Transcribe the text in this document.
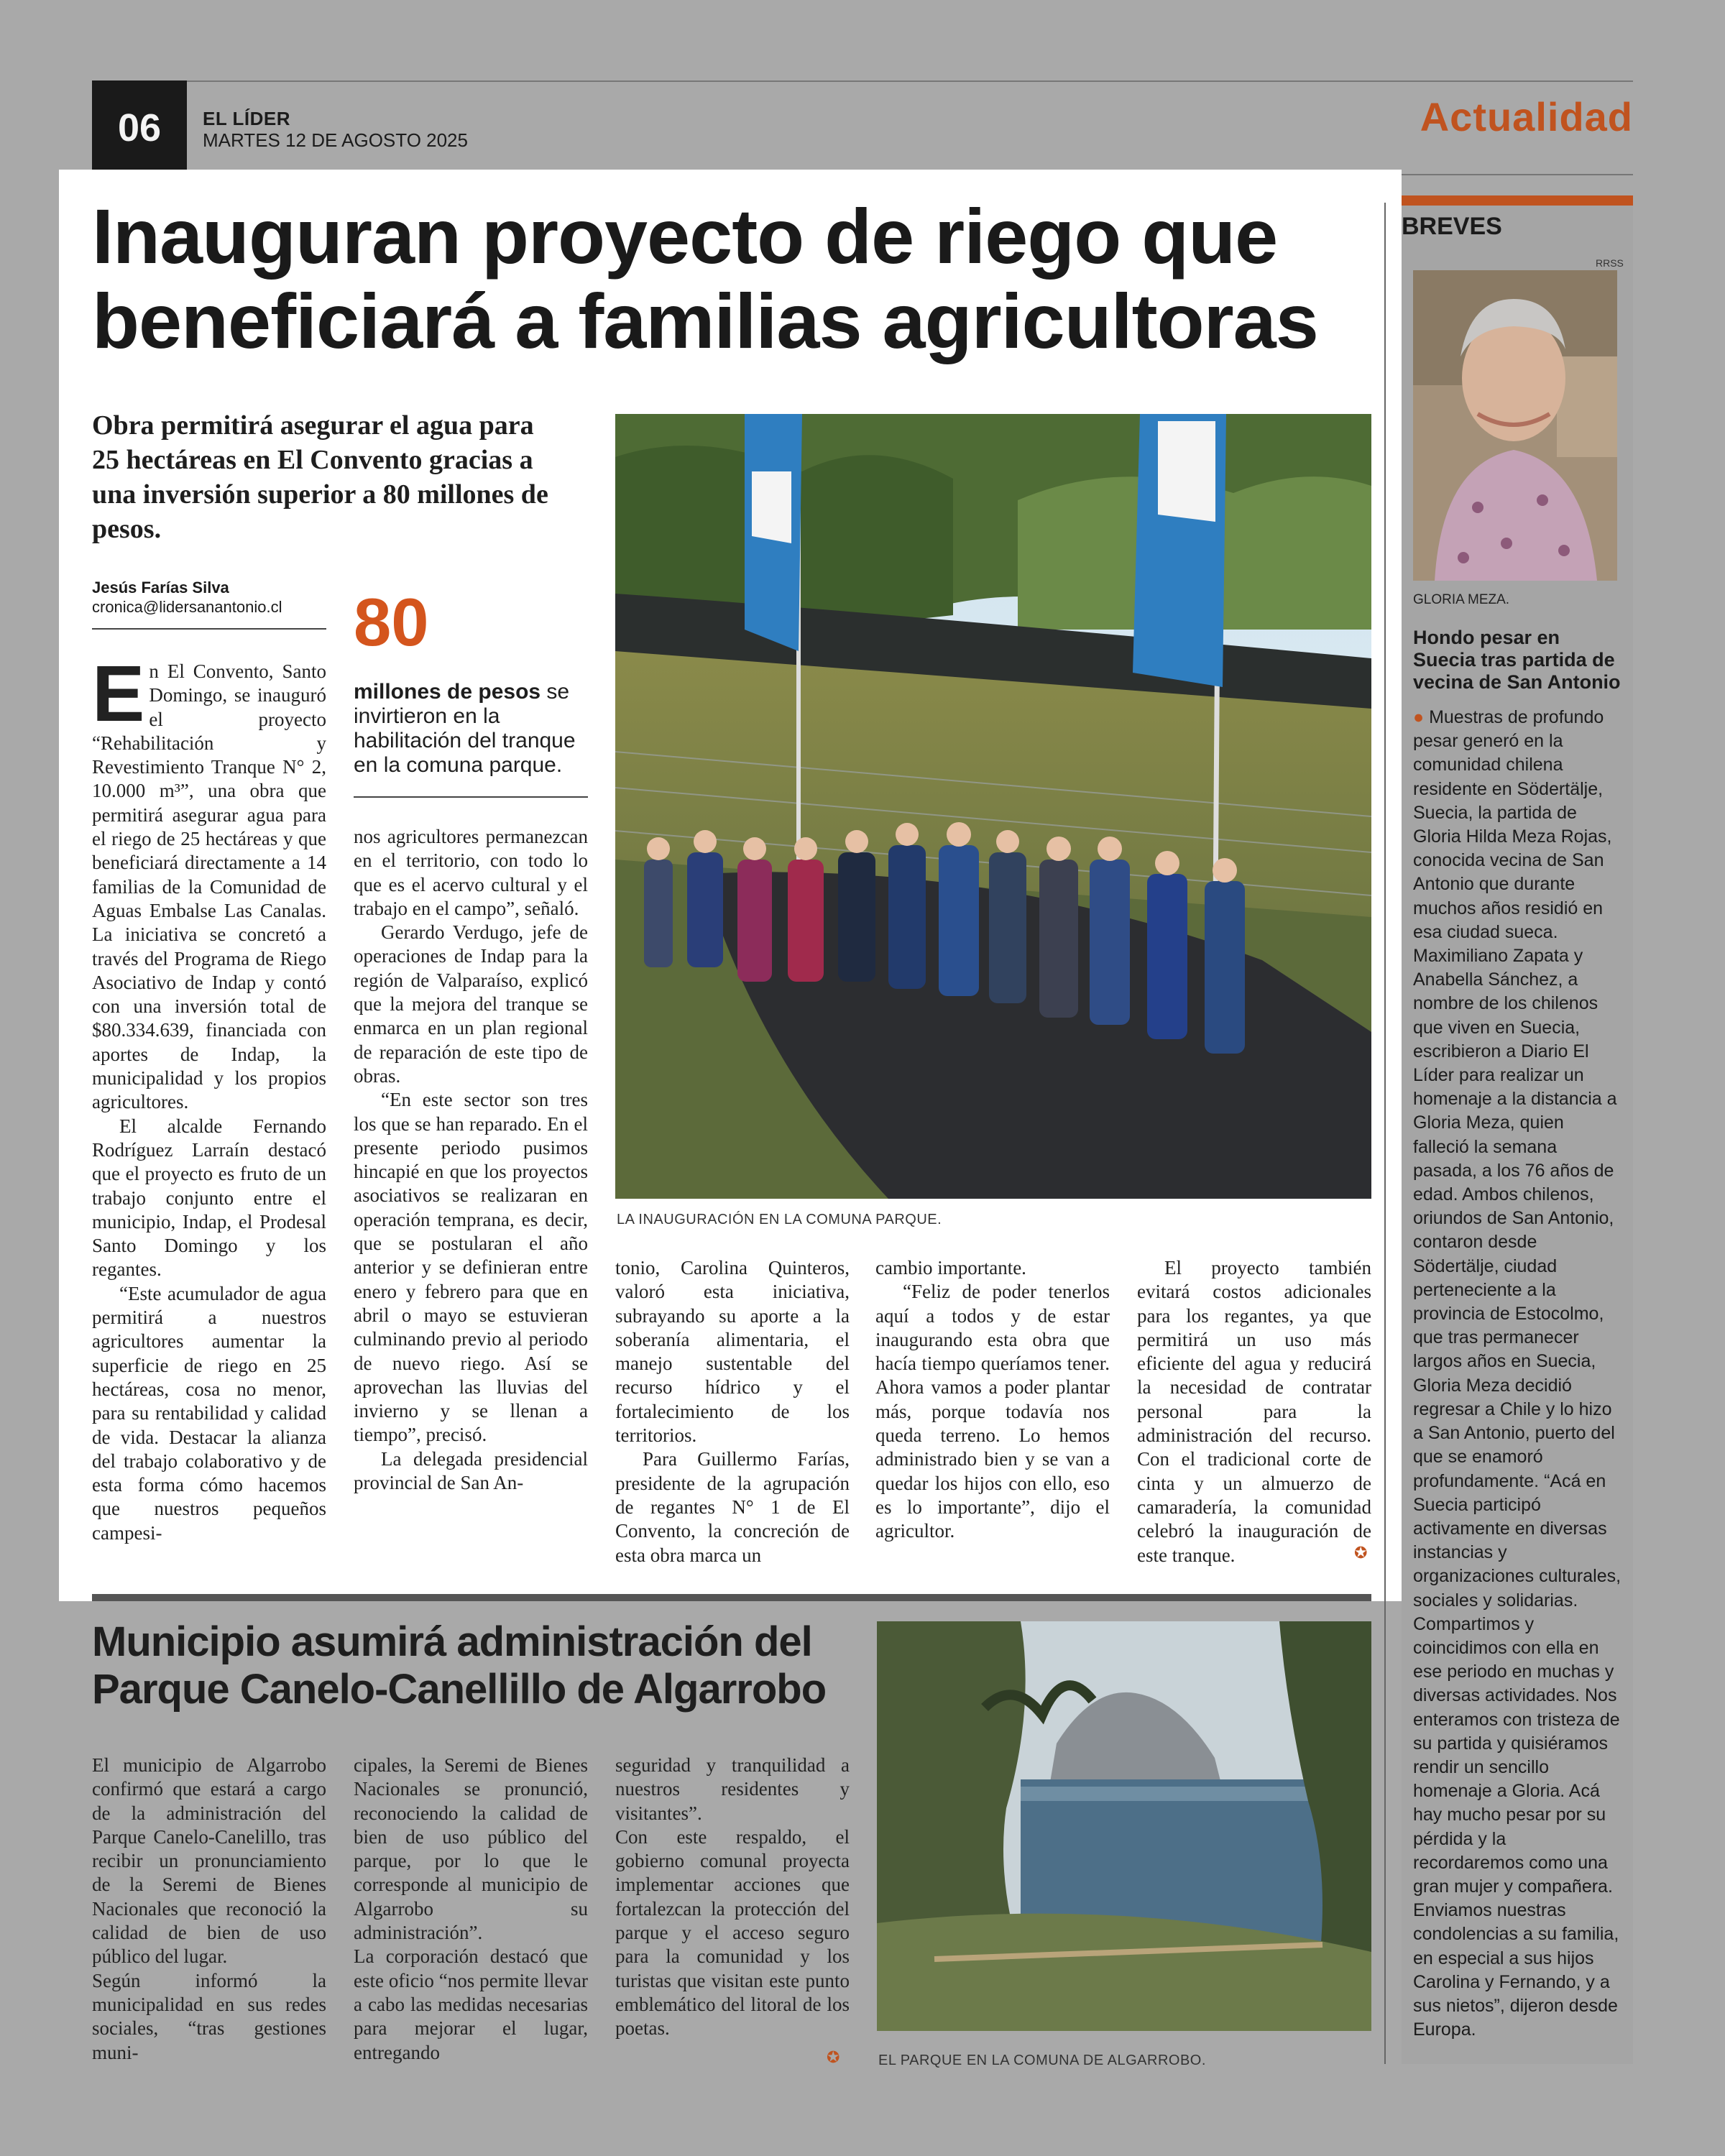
06	EL LÍDER
MARTES 12 DE AGOSTO 2025
Actualidad
Inauguran proyecto de riego que beneficiará a familias agricultoras
Obra permitirá asegurar el agua para 25 hectáreas en El Convento gracias a una inversión superior a 80 millones de pesos.
Jesús Farías Silva
cronica@lidersanantonio.cl

En El Convento, Santo Domingo, se inauguró el proyecto “Rehabilitación y Revestimiento Tranque N° 2, 10.000 m³”, una obra que permitirá asegurar agua para el riego de 25 hectáreas y que beneficiará directamente a 14 familias de la Comunidad de Aguas Embalse Las Canalas. La iniciativa se concretó a través del Programa de Riego Asociativo de Indap y contó con una inversión total de $80.334.639, financiada con aportes de Indap, la municipalidad y los propios agricultores.

El alcalde Fernando Rodríguez Larraín destacó que el proyecto es fruto de un trabajo conjunto entre el municipio, Indap, el Prodesal Santo Domingo y los regantes.

“Este acumulador de agua permitirá a nuestros agricultores aumentar la superficie de riego en 25 hectáreas, cosa no menor, para su rentabilidad y calidad de vida. Destacar la alianza del trabajo colaborativo y de esta forma cómo hacemos que nuestros pequeños campesi-

80
millones de pesos se invirtieron en la habilitación del tranque en la comuna parque.

nos agricultores permanezcan en el territorio, con todo lo que es el acervo cultural y el trabajo en el campo”, señaló.

Gerardo Verdugo, jefe de operaciones de Indap para la región de Valparaíso, explicó que la mejora del tranque se enmarca en un plan regional de reparación de este tipo de obras.

“En este sector son tres los que se han reparado. En el presente periodo pusimos hincapié en que los proyectos asociativos se realizaran en operación temprana, es decir, que se postularan el año anterior y se definieran entre enero y febrero para que en abril o mayo se estuvieran culminando previo al periodo de nuevo riego. Así se aprovechan las lluvias del invierno y se llenan a tiempo”, precisó.

La delegada presidencial provincial de San An-

LA INAUGURACIÓN EN LA COMUNA PARQUE.

tonio, Carolina Quinteros, valoró esta iniciativa, subrayando su aporte a la soberanía alimentaria, el manejo sustentable del recurso hídrico y el fortalecimiento de los territorios.

Para Guillermo Farías, presidente de la agrupación de regantes N° 1 de El Convento, la concreción de esta obra marca un

cambio importante.

“Feliz de poder tenerlos aquí a todos y de estar inaugurando esta obra que hacía tiempo queríamos tener. Ahora vamos a poder plantar más, porque todavía nos queda terreno. Lo hemos administrado bien y se van a quedar los hijos con ello, eso es lo importante”, dijo el agricultor.

El proyecto también evitará costos adicionales para los regantes, ya que permitirá un uso más eficiente del agua y reducirá la necesidad de contratar personal para la administración del recurso. Con el tradicional corte de cinta y un almuerzo de camaradería, la comunidad celebró la inauguración de este tranque.	✪
Municipio asumirá administración del Parque Canelo-Canellillo de Algarrobo

El municipio de Algarrobo confirmó que estará a cargo de la administración del Parque Canelo-Canelillo, tras recibir un pronunciamiento de la Seremi de Bienes Nacionales que reconoció la calidad de bien de uso público del lugar.

Según informó la municipalidad en sus redes sociales, “tras gestiones muni-

cipales, la Seremi de Bienes Nacionales se pronunció, reconociendo la calidad de bien de uso público del parque, por lo que le corresponde al municipio de Algarrobo su administración”.

La corporación destacó que este oficio “nos permite llevar a cabo las medidas necesarias para mejorar el lugar, entregando

seguridad y tranquilidad a nuestros residentes y visitantes”.

Con este respaldo, el gobierno comunal proyecta implementar acciones que fortalezcan la protección del parque y el acceso seguro para la comunidad y los turistas que visitan este punto emblemático del litoral de los poetas.

✪	EL PARQUE EN LA COMUNA DE ALGARROBO.
BREVES
RRSS
GLORIA MEZA.
Hondo pesar en Suecia tras partida de vecina de San Antonio
● Muestras de profundo pesar generó en la comunidad chilena residente en Södertälje, Suecia, la partida de Gloria Hilda Meza Rojas, conocida vecina de San Antonio que durante muchos años residió en esa ciudad sueca. Maximiliano Zapata y Anabella Sánchez, a nombre de los chilenos que viven en Suecia, escribieron a Diario El Líder para realizar un homenaje a la distancia a Gloria Meza, quien falleció la semana pasada, a los 76 años de edad. Ambos chilenos, oriundos de San Antonio, contaron desde Södertälje, ciudad perteneciente a la provincia de Estocolmo, que tras permanecer largos años en Suecia, Gloria Meza decidió regresar a Chile y lo hizo a San Antonio, puerto del que se enamoró profundamente. “Acá en Suecia participó activamente en diversas instancias y organizaciones culturales, sociales y solidarias. Compartimos y coincidimos con ella en ese periodo en muchas y diversas actividades. Nos enteramos con tristeza de su partida y quisiéramos rendir un sencillo homenaje a Gloria. Acá hay mucho pesar por su pérdida y la recordaremos como una gran mujer y compañera. Enviamos nuestras condolencias a su familia, en especial a sus hijos Carolina y Fernando, y a sus nietos”, dijeron desde Europa.
